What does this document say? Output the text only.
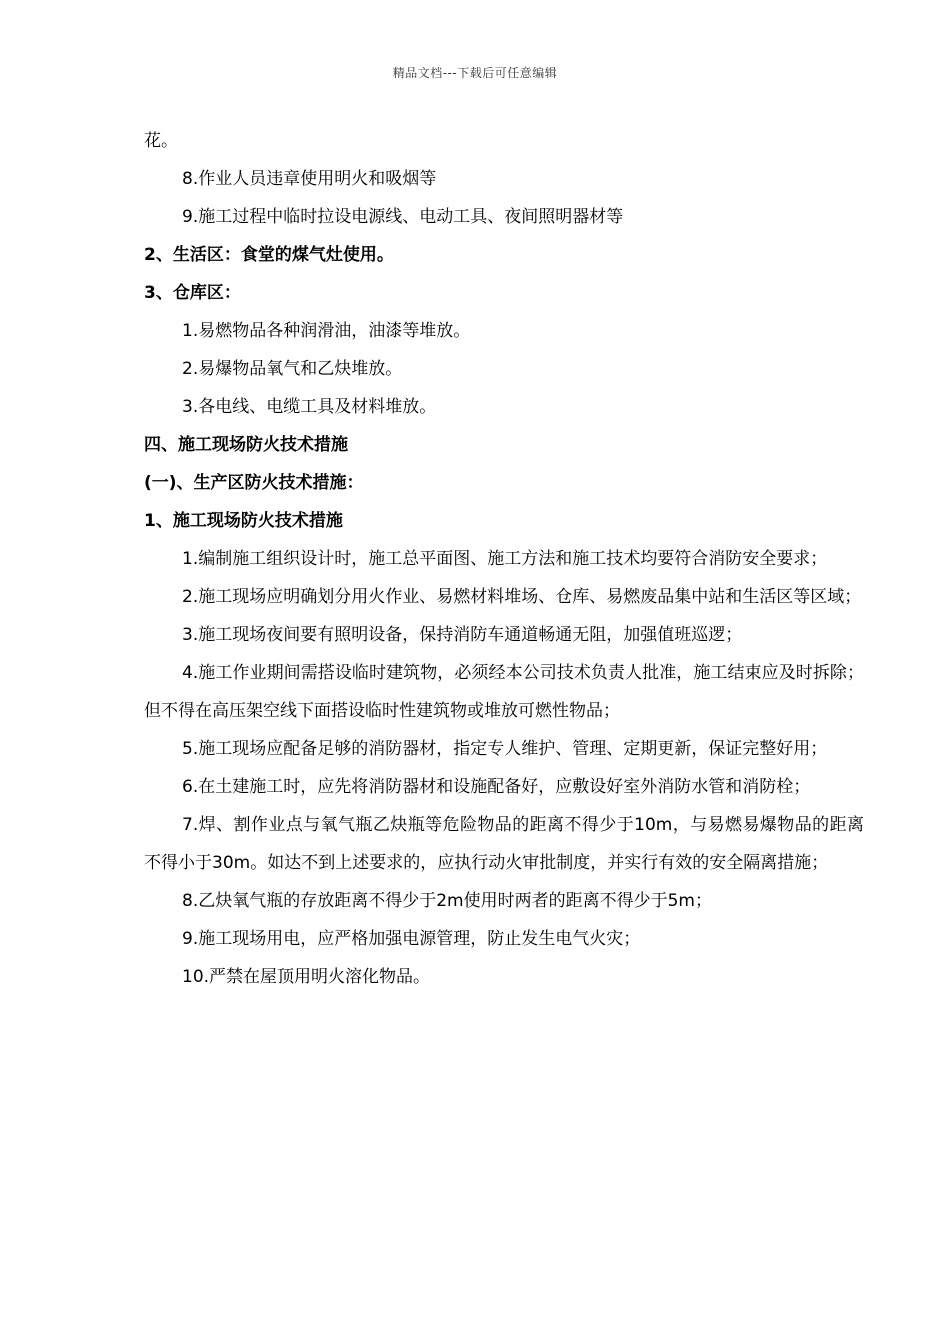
精品文档---下载后可任意编辑
花。
8.作业人员违章使用明火和吸烟等
9.施工过程中临时拉设电源线、电动工具、夜间照明器材等
2、生活区：食堂的煤气灶使用。
3、仓库区：
1.易燃物品各种润滑油，油漆等堆放。
2.易爆物品氧气和乙炔堆放。
3.各电线、电缆工具及材料堆放。
四、施工现场防火技术措施
(一)、生产区防火技术措施：
1、施工现场防火技术措施

1.编制施工组织设计时，施工总平面图、施工方法和施工技术均要符合消防安全要求；

2.施工现场应明确划分用火作业、易燃材料堆场、仓库、易燃废品集中站和生活区等区域；

3.施工现场夜间要有照明设备，保持消防车通道畅通无阻，加强值班巡逻；

4.施工作业期间需搭设临时建筑物，必须经本公司技术负责人批准，施工结束应及时拆除；但不得在高压架空线下面搭设临时性建筑物或堆放可燃性物品；

5.施工现场应配备足够的消防器材，指定专人维护、管理、定期更新，保证完整好用；

6.在土建施工时，应先将消防器材和设施配备好，应敷设好室外消防水管和消防栓；

7.焊、割作业点与氧气瓶乙炔瓶等危险物品的距离不得少于10m，与易燃易爆物品的距离不得小于30m。如达不到上述要求的，应执行动火审批制度，并实行有效的安全隔离措施；

8.乙炔氧气瓶的存放距离不得少于2m使用时两者的距离不得少于5m；

9.施工现场用电，应严格加强电源管理，防止发生电气火灾；

10.严禁在屋顶用明火溶化物品。
